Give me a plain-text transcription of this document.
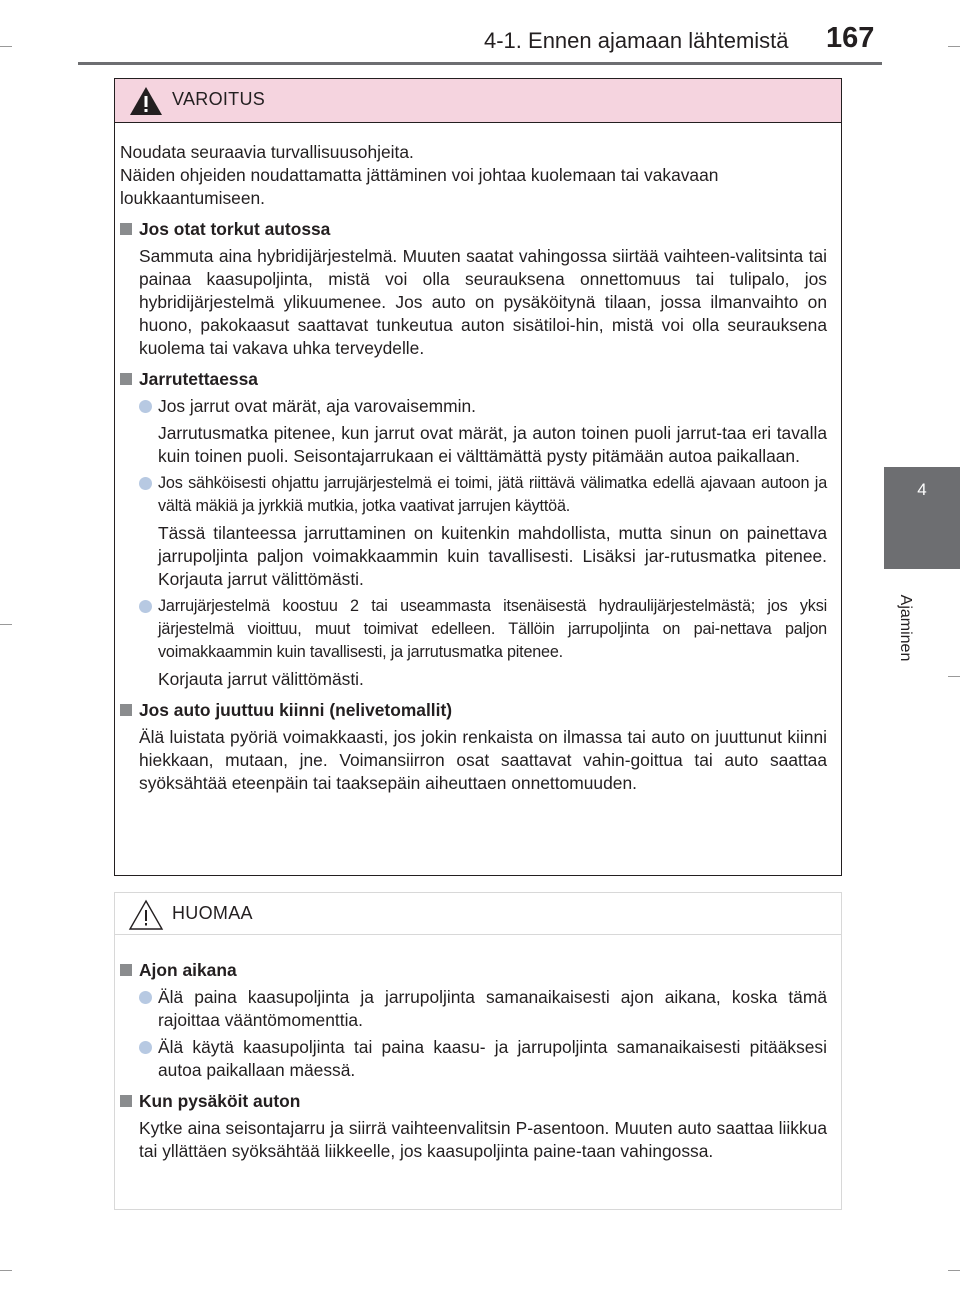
4-1. Ennen ajamaan lähtemistä 167
4
Ajaminen
VAROITUS
Noudata seuraavia turvallisuusohjeita.
Näiden ohjeiden noudattamatta jättäminen voi johtaa kuolemaan tai vakavaan loukkaantumiseen.
Jos otat torkut autossa
Sammuta aina hybridijärjestelmä. Muuten saatat vahingossa siirtää vaihteen-valitsinta tai painaa kaasupoljinta, mistä voi olla seurauksena onnettomuus tai tulipalo, jos hybridijärjestelmä ylikuumenee. Jos auto on pysäköitynä tilaan, jossa ilmanvaihto on huono, pakokaasut saattavat tunkeutua auton sisätiloi-hin, mistä voi olla seurauksena kuolema tai vakava uhka terveydelle.
Jarrutettaessa
Jos jarrut ovat märät, aja varovaisemmin.
Jarrutusmatka pitenee, kun jarrut ovat märät, ja auton toinen puoli jarrut-taa eri tavalla kuin toinen puoli. Seisontajarrukaan ei välttämättä pysty pitämään autoa paikallaan.
Jos sähköisesti ohjattu jarrujärjestelmä ei toimi, jätä riittävä välimatka edellä ajavaan autoon ja vältä mäkiä ja jyrkkiä mutkia, jotka vaativat jarrujen käyttöä.
Tässä tilanteessa jarruttaminen on kuitenkin mahdollista, mutta sinun on painettava jarrupoljinta paljon voimakkaammin kuin tavallisesti. Lisäksi jar-rutusmatka pitenee. Korjauta jarrut välittömästi.
Jarrujärjestelmä koostuu 2 tai useammasta itsenäisestä hydraulijärjestelmästä; jos yksi järjestelmä vioittuu, muut toimivat edelleen. Tällöin jarrupoljinta on pai-nettava paljon voimakkaammin kuin tavallisesti, ja jarrutusmatka pitenee.
Korjauta jarrut välittömästi.
Jos auto juuttuu kiinni (nelivetomallit)
Älä luistata pyöriä voimakkaasti, jos jokin renkaista on ilmassa tai auto on juuttunut kiinni hiekkaan, mutaan, jne. Voimansiirron osat saattavat vahin-goittua tai auto saattaa syöksähtää eteenpäin tai taaksepäin aiheuttaen onnettomuuden.
HUOMAA
Ajon aikana
Älä paina kaasupoljinta ja jarrupoljinta samanaikaisesti ajon aikana, koska tämä rajoittaa vääntömomenttia.
Älä käytä kaasupoljinta tai paina kaasu- ja jarrupoljinta samanaikaisesti pitääksesi autoa paikallaan mäessä.
Kun pysäköit auton
Kytke aina seisontajarru ja siirrä vaihteenvalitsin P-asentoon. Muuten auto saattaa liikkua tai yllättäen syöksähtää liikkeelle, jos kaasupoljinta paine-taan vahingossa.
